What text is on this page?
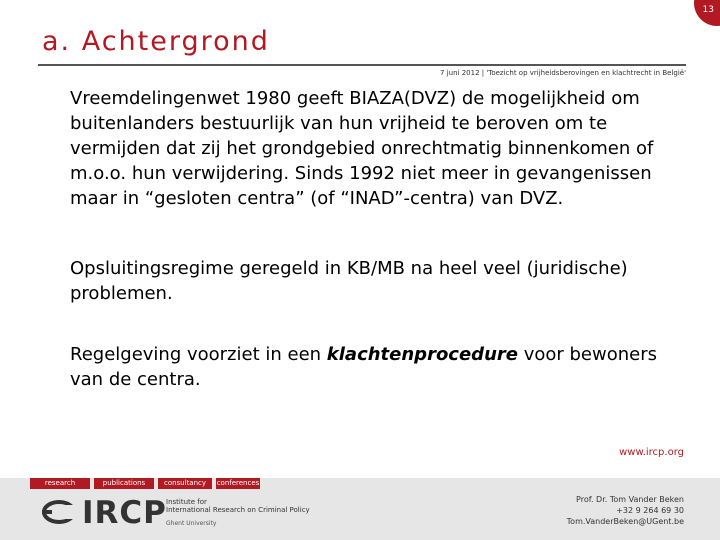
13
a. Achtergrond
7 juni 2012 | 'Toezicht op vrijheidsberovingen en klachtrecht in België'

Vreemdelingenwet 1980 geeft BIAZA(DVZ) de mogelijkheid om buitenlanders bestuurlijk van hun vrijheid te beroven om te vermijden dat zij het grondgebied onrechtmatig binnenkomen of m.o.o. hun verwijdering. Sinds 1992 niet meer in gevangenissen maar in “gesloten centra” (of “INAD”-centra) van DVZ.

Opsluitingsregime geregeld in KB/MB na heel veel (juridische) problemen.

Regelgeving voorziet in een klachtenprocedure voor bewoners van de centra.

research	publications	consultancy	conferences
www.ircp.org
IRCP Institute for
International Research on Criminal Policy
Ghent University
Prof. Dr. Tom Vander Beken
+32 9 264 69 30
Tom.VanderBeken@UGent.be
